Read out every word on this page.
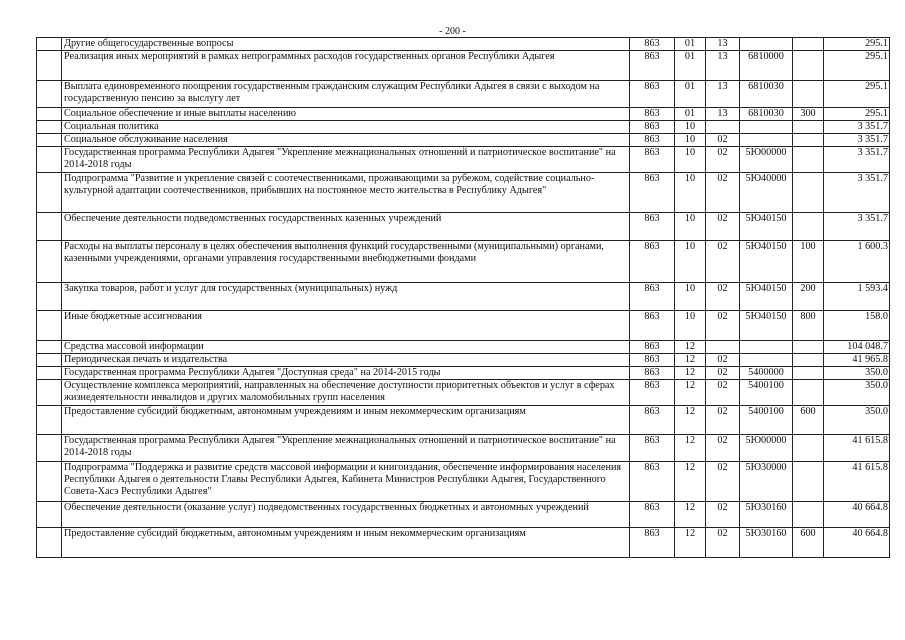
- 200 -
	Другие общегосударственные вопросы	863	01	13			295.1
	Реализация иных мероприятий в рамках непрограммных расходов государственных органов Республики Адыгея	863	01	13	6810000		295.1
	Выплата единовременного поощрения государственным гражданским служащим Республики Адыгея в связи с выходом на государственную пенсию за выслугу лет	863	01	13	6810030		295.1
	Социальное обеспечение и иные выплаты населению	863	01	13	6810030	300	295.1
	Социальная политика	863	10				3 351.7
	Социальное обслуживание населения	863	10	02			3 351.7
	Государственная программа Республики Адыгея "Укрепление межнациональных отношений и патриотическое воспитание" на 2014-2018 годы	863	10	02	5Ю00000		3 351.7
	Подпрограмма "Развитие и укрепление связей с соотечественниками, проживающими за рубежом, содействие социально-культурной адаптации соотечественников, прибывших на постоянное место жительства в Республику Адыгея"	863	10	02	5Ю40000		3 351.7
	Обеспечение деятельности подведомственных государственных казенных учреждений	863	10	02	5Ю40150		3 351.7
	Расходы на выплаты персоналу в целях обеспечения выполнения функций государственными (муниципальными) органами, казенными учреждениями, органами управления государственными внебюджетными фондами	863	10	02	5Ю40150	100	1 600.3
	Закупка товаров, работ и услуг для государственных (муниципальных) нужд	863	10	02	5Ю40150	200	1 593.4
	Иные бюджетные ассигнования	863	10	02	5Ю40150	800	158.0
	Средства массовой информации	863	12				104 048.7
	Периодическая печать и издательства	863	12	02			41 965.8
	Государственная программа Республики Адыгея "Доступная среда" на 2014-2015 годы	863	12	02	5400000		350.0
	Осуществление комплекса мероприятий, направленных на обеспечение доступности приоритетных объектов и услуг в сферах жизнедеятельности инвалидов и других маломобильных групп населения	863	12	02	5400100		350.0
	Предоставление субсидий бюджетным, автономным учреждениям и иным некоммерческим организациям	863	12	02	5400100	600	350.0
	Государственная программа Республики Адыгея "Укрепление межнациональных отношений и патриотическое воспитание" на 2014-2018 годы	863	12	02	5Ю00000		41 615.8
	Подпрограмма "Поддержка и развитие средств массовой информации и книгоиздания, обеспечение информирования населения Республики Адыгея о деятельности Главы Республики Адыгея, Кабинета Министров Республики Адыгея, Государственного Совета-Хасэ Республики Адыгея"	863	12	02	5Ю30000		41 615.8
	Обеспечение деятельности (оказание услуг) подведомственных государственных бюджетных и автономных учреждений	863	12	02	5Ю30160		40 664.8
	Предоставление субсидий бюджетным, автономным учреждениям и иным некоммерческим организациям	863	12	02	5Ю30160	600	40 664.8
